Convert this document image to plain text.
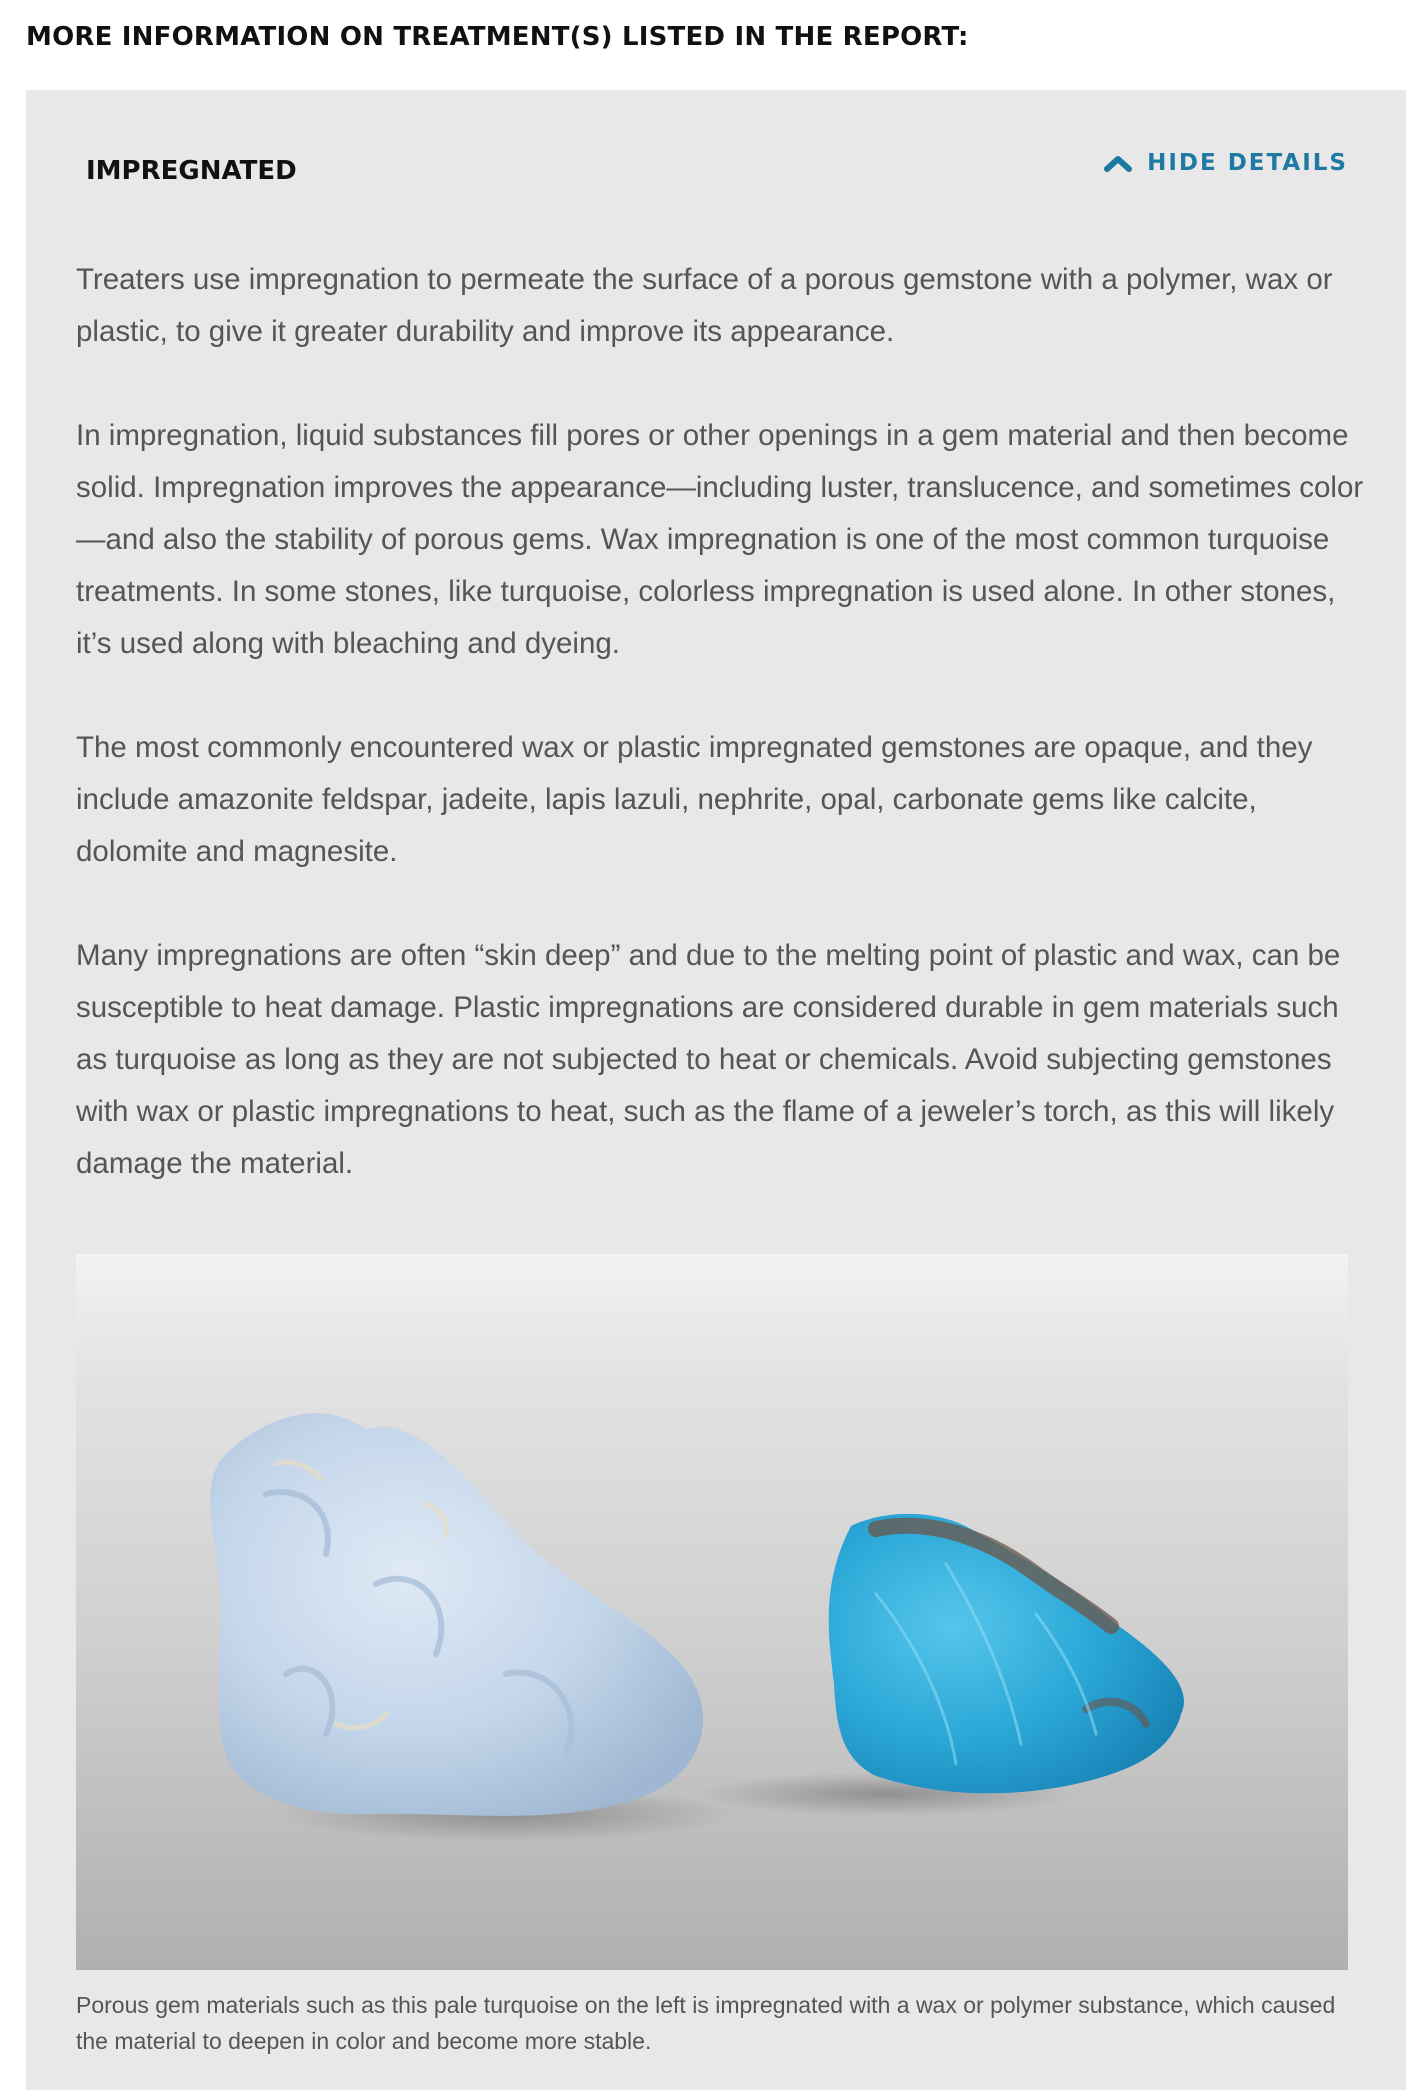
MORE INFORMATION ON TREATMENT(S) LISTED IN THE REPORT:
IMPREGNATED	HIDE DETAILS

Treaters use impregnation to permeate the surface of a porous gemstone with a polymer, wax or plastic, to give it greater durability and improve its appearance.

In impregnation, liquid substances fill pores or other openings in a gem material and then become solid. Impregnation improves the appearance—including luster, translucence, and sometimes color—and also the stability of porous gems. Wax impregnation is one of the most common turquoise treatments. In some stones, like turquoise, colorless impregnation is used alone. In other stones, it’s used along with bleaching and dyeing.

The most commonly encountered wax or plastic impregnated gemstones are opaque, and they include amazonite feldspar, jadeite, lapis lazuli, nephrite, opal, carbonate gems like calcite, dolomite and magnesite.

Many impregnations are often “skin deep” and due to the melting point of plastic and wax, can be susceptible to heat damage. Plastic impregnations are considered durable in gem materials such as turquoise as long as they are not subjected to heat or chemicals. Avoid subjecting gemstones with wax or plastic impregnations to heat, such as the flame of a jeweler’s torch, as this will likely damage the material.

Porous gem materials such as this pale turquoise on the left is impregnated with a wax or polymer substance, which caused the material to deepen in color and become more stable.
